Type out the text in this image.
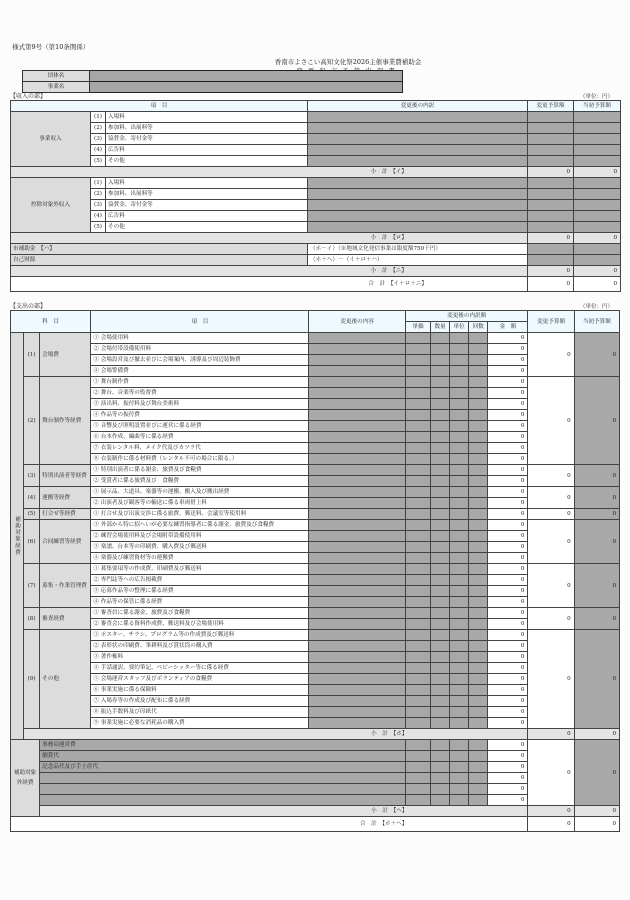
様式第9号（第10条関係）
香南市よさこい高知文化祭2026主催事業費補助金
団体名	
事業名	
【収入の部】	（単位：円）
項　目			変更後の内訳	変更予算額	当初予算額
事業収入	(1)	入場料			
	(2)	参加料、出展料等			
	(3)	協賛金、寄付金等			
	(4)	広告料			
	(5)	その他			
小　計　【イ】				0	0
控除対象外収入	(1)	入場料			
	(2)	参加料、出展料等			
	(3)	協賛金、寄付金等			
	(4)	広告料			
	(5)	その他			
小　計　【ロ】				0	0
市補助金　【ハ】			（ホ－イ）（※地域文化発信事業は限度額750千円）		
自己財源			（ホ＋ヘ）－（イ＋ロ＋ハ）		
小　計　【ニ】				0	0
合　計　【イ＋ロ＋ニ】				0	0
【支出の部】	（単位：円）
科　目			項　目	変更後の内容	変更後の内訳額					変更予算額	当初予算額
					単価	数量	単位	回数	金　額		
補助対象経費	(1)	会場費	① 会場使用料						0	0	0
			② 会場付帯設備使用料						0		
			③ 会場設営及び撤去並びに会場案内、誘導及び周辺装飾費						0		
			④ 会場警備費						0		
	(2)	舞台制作等経費	① 舞台制作費						0	0	0
			② 舞台、音楽等の監督費						0		
			③ 演出料、振付料及び舞台美術料						0		
			④ 作品等の振付費						0		
			⑤ 音響及び照明設置並びに運営に係る経費						0		
			⑥ 台本作成、編曲等に係る経費						0		
			⑦ 衣装レンタル料、メイク代及びカツラ代						0		
			⑧ 衣装制作に係る材料費（レンタル不可の場合に限る。）						0		
	(3)	特別出演者等経費	① 特別出演者に係る謝金、旅費及び食糧費						0	0	0
			② 受賞者に係る旅費及び　食糧費						0		
	(4)	運搬等経費	① 展示品、大道具、楽器等の運搬、搬入及び搬出経費						0	0	0
			② 出演者及び観客等の輸送に係る車両借上料						0		
	(5)	打合せ等経費	① 打合せ及び出演交渉に係る旅費、郵送料、会議室等使用料						0	0	0
	(6)	合同練習等経費	① 外部から特に招へいが必要な練習指導者に係る謝金、旅費及び食糧費						0	0	0
			② 練習会場使用料及び会場附帯設備使用料						0		
			③ 楽譜、台本等の印刷費、購入費及び郵送料						0		
			④ 楽器及び練習資材等の運搬費						0		
	(7)	募集・作業管理費	① 募集要項等の作成費、印刷費及び郵送料						0	0	0
			② 専門誌等への広告掲載費						0		
			③ 応募作品等の整理に係る経費						0		
			④ 作品等の保管に係る経費						0		
	(8)	審査経費	① 審査員に係る謝金、旅費及び食糧費						0	0	0
			② 審査会に係る資料作成費、郵送料及び会場使用料						0		
	(9)	その他	① ポスター、チラシ、プログラム等の作成費及び郵送料						0	0	0
			② 表彰状の印刷費、筆耕料及び賞状筒の購入費						0		
			③ 著作権料						0		
			④ 手話通訳、要約筆記、ベビーシッター等に係る経費						0		
			⑤ 会場運営スタッフ及びボランティアの食糧費						0		
			⑥ 事業実施に係る保険料						0		
			⑦ 入場券等の作成及び配布に係る経費						0		
			⑧ 振込手数料及び印紙代						0		
			⑨ 事業実施に必要な消耗品の購入費						0		
	小　計　【ホ】									0	0
補助対象外経費		事務局運営費							0	0	0
		劇賞代							0		
		記念品代及び手土産代							0		
									0		
									0		
									0		
		小　計　【ヘ】								0	0
合　計　【ホ＋ヘ】										0	0
